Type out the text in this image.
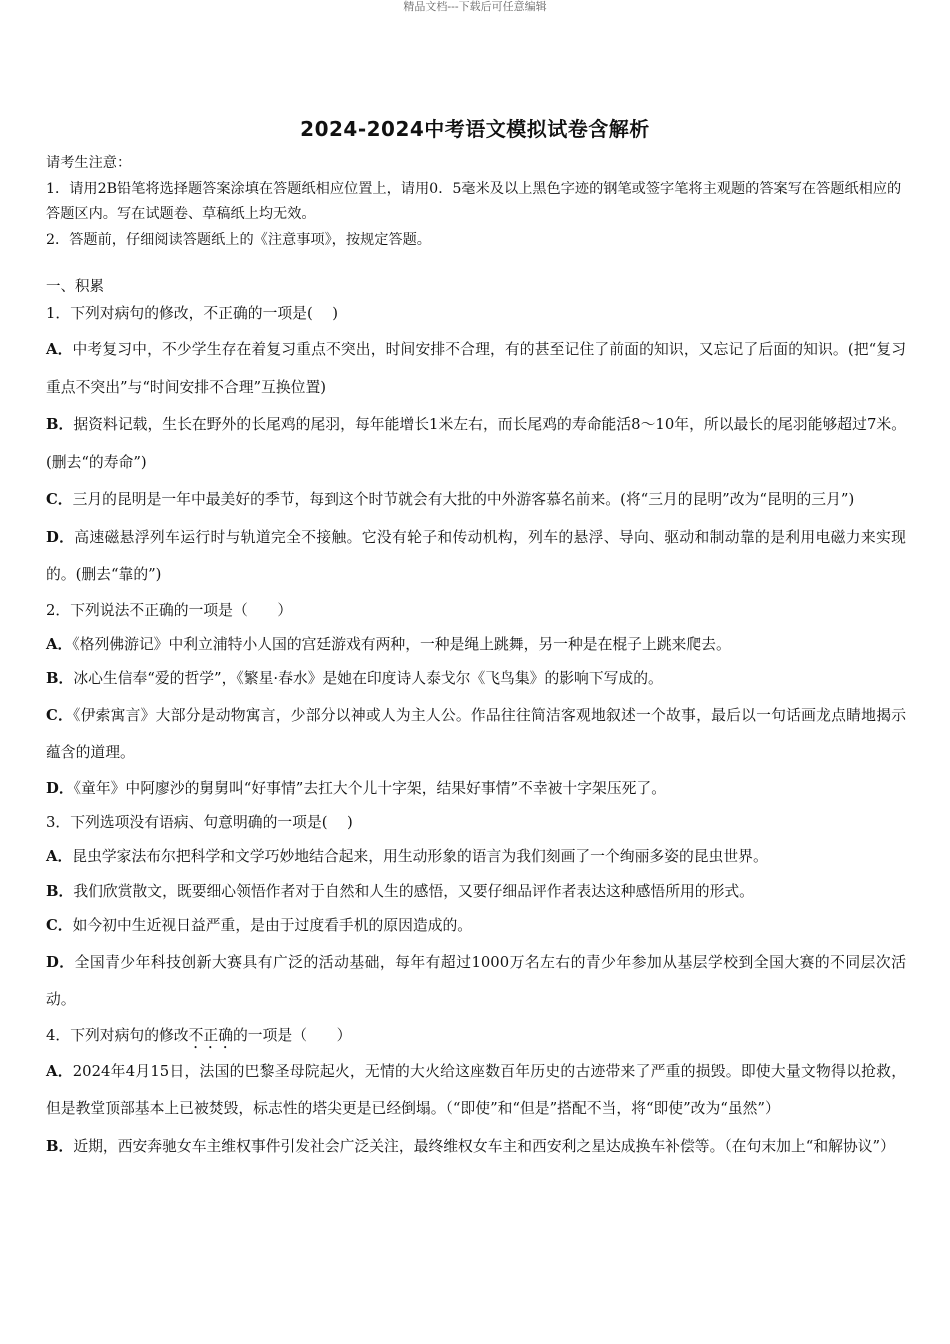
精品文档---下载后可任意编辑
2024-2024中考语文模拟试卷含解析

请考生注意：

1．请用2B铅笔将选择题答案涂填在答题纸相应位置上，请用0．5毫米及以上黑色字迹的钢笔或签字笔将主观题的答案写在答题纸相应的答题区内。写在试题卷、草稿纸上均无效。

2．答题前，仔细阅读答题纸上的《注意事项》，按规定答题。

一、积累

1．下列对病句的修改，不正确的一项是(　 )

A．中考复习中，不少学生存在着复习重点不突出，时间安排不合理，有的甚至记住了前面的知识，又忘记了后面的知识。(把“复习重点不突出”与“时间安排不合理”互换位置)

B．据资料记载，生长在野外的长尾鸡的尾羽，每年能增长1米左右，而长尾鸡的寿命能活8～10年，所以最长的尾羽能够超过7米。(删去“的寿命”)

C．三月的昆明是一年中最美好的季节，每到这个时节就会有大批的中外游客慕名前来。(将“三月的昆明”改为“昆明的三月”)

D．高速磁悬浮列车运行时与轨道完全不接触。它没有轮子和传动机构，列车的悬浮、导向、驱动和制动靠的是利用电磁力来实现的。(删去“靠的”)

2．下列说法不正确的一项是（　　）

A．《格列佛游记》中利立浦特小人国的宫廷游戏有两种，一种是绳上跳舞，另一种是在棍子上跳来爬去。

B．冰心生信奉“爱的哲学”，《繁星·春水》是她在印度诗人泰戈尔《飞鸟集》的影响下写成的。

C．《伊索寓言》大部分是动物寓言，少部分以神或人为主人公。作品往往简洁客观地叙述一个故事，最后以一句话画龙点睛地揭示蕴含的道理。

D．《童年》中阿廖沙的舅舅叫“好事情”去扛大个儿十字架，结果好事情”不幸被十字架压死了。

3．下列选项没有语病、句意明确的一项是(　 )

A．昆虫学家法布尔把科学和文学巧妙地结合起来，用生动形象的语言为我们刻画了一个绚丽多姿的昆虫世界。

B．我们欣赏散文，既要细心领悟作者对于自然和人生的感悟，又要仔细品评作者表达这种感悟所用的形式。

C．如今初中生近视日益严重，是由于过度看手机的原因造成的。

D．全国青少年科技创新大赛具有广泛的活动基础，每年有超过1000万名左右的青少年参加从基层学校到全国大赛的不同层次活动。

4．下列对病句的修改不正确的一项是（　　）

A．2024年4月15日，法国的巴黎圣母院起火，无情的大火给这座数百年历史的古迹带来了严重的损毁。即使大量文物得以抢救，但是教堂顶部基本上已被焚毁，标志性的塔尖更是已经倒塌。（“即使”和“但是”搭配不当，将“即使”改为“虽然”）

B．近期，西安奔驰女车主维权事件引发社会广泛关注，最终维权女车主和西安利之星达成换车补偿等。（在句末加上“和解协议”）
